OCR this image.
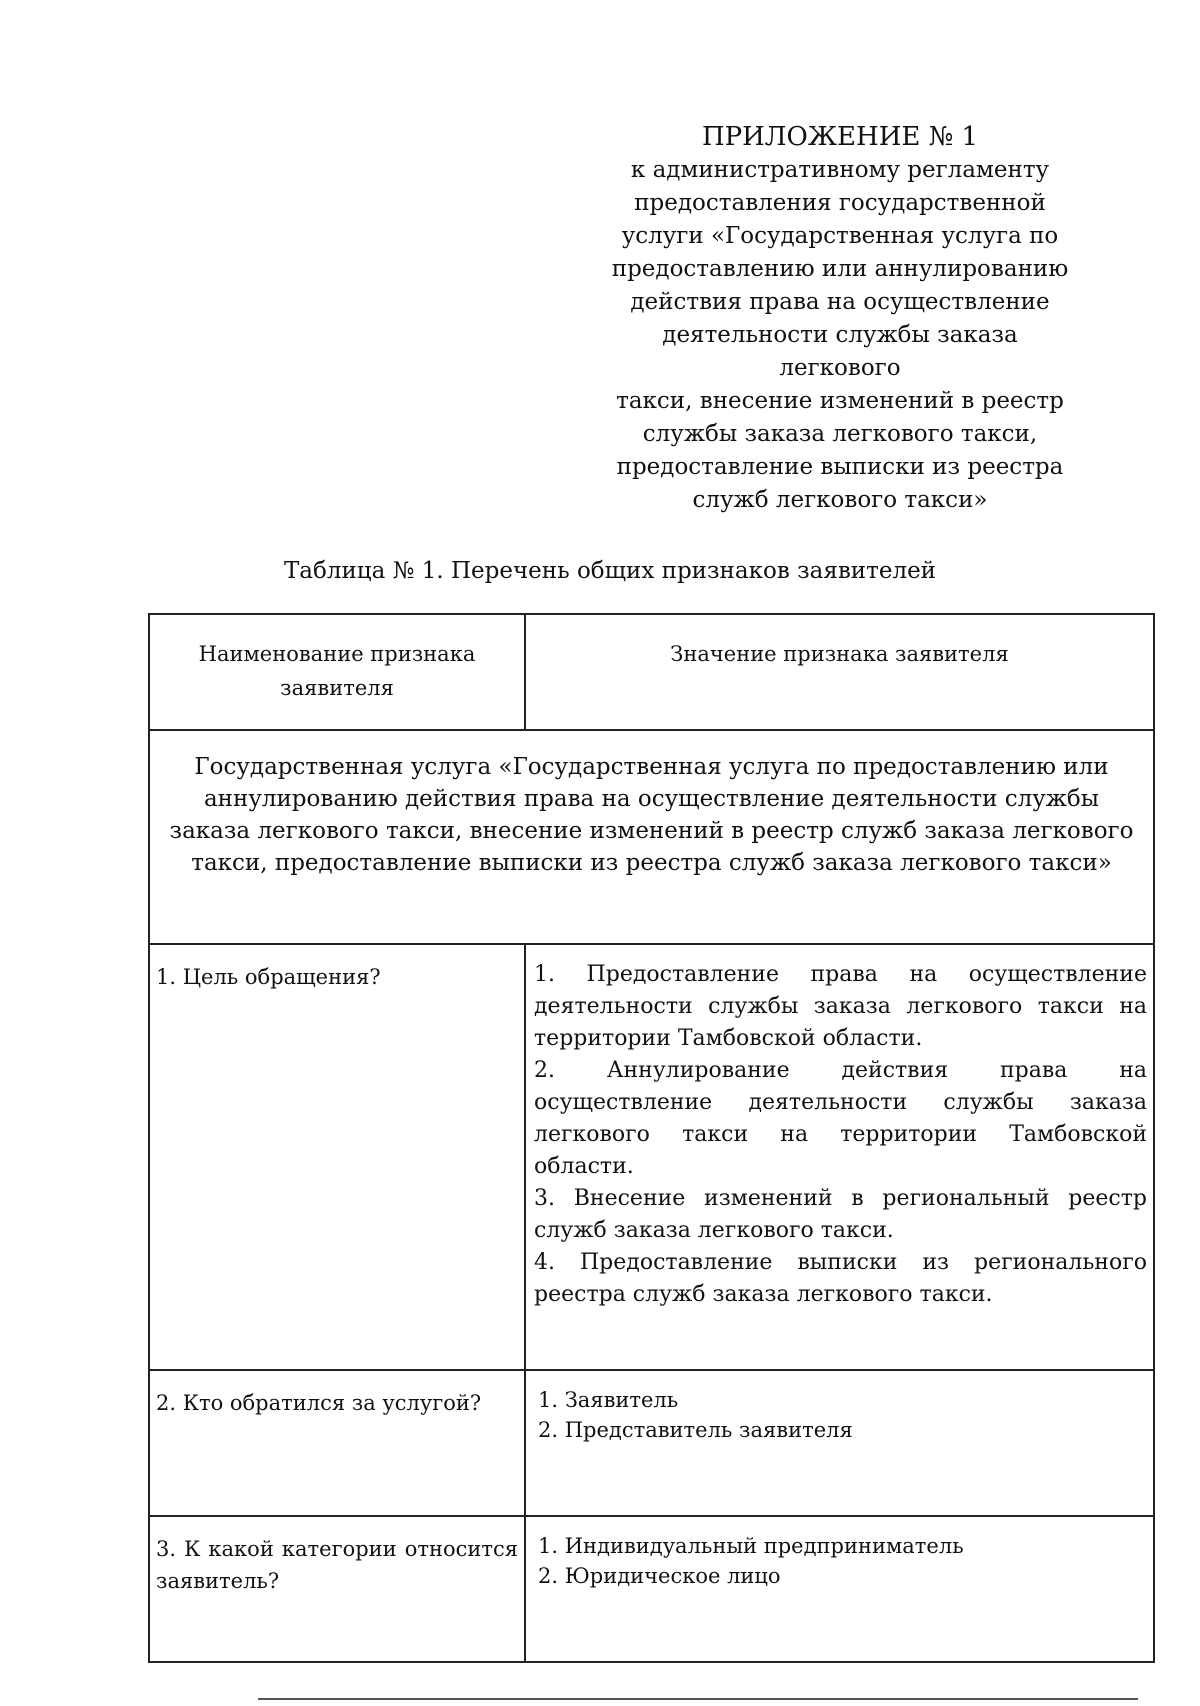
ПРИЛОЖЕНИЕ № 1
к административному регламенту
предоставления государственной
услуги «Государственная услуга по
предоставлению или аннулированию
действия права на осуществление
деятельности службы заказа легкового
такси, внесение изменений в реестр
службы заказа легкового такси,
предоставление выписки из реестра
служб легкового такси»
Таблица № 1. Перечень общих признаков заявителей
Наименование признака заявителя	Значение признака заявителя
Государственная услуга «Государственная услуга по предоставлению или аннулированию действия права на осуществление деятельности службы заказа легкового такси, внесение изменений в реестр служб заказа легкового такси, предоставление выписки из реестра служб заказа легкового такси»	
1. Цель обращения?	1. Предоставление права на осуществление деятельности службы заказа легкового такси на территории Тамбовской области.
2. Аннулирование действия права на осуществление деятельности службы заказа легкового такси на территории Тамбовской области.
3. Внесение изменений в региональный реестр служб заказа легкового такси.
4. Предоставление выписки из регионального реестра служб заказа легкового такси.

2. Кто обратился за услугой?	1. Заявитель
2. Представитель заявителя

3. К какой категории относится заявитель?	1. Индивидуальный предприниматель
2. Юридическое лицо
